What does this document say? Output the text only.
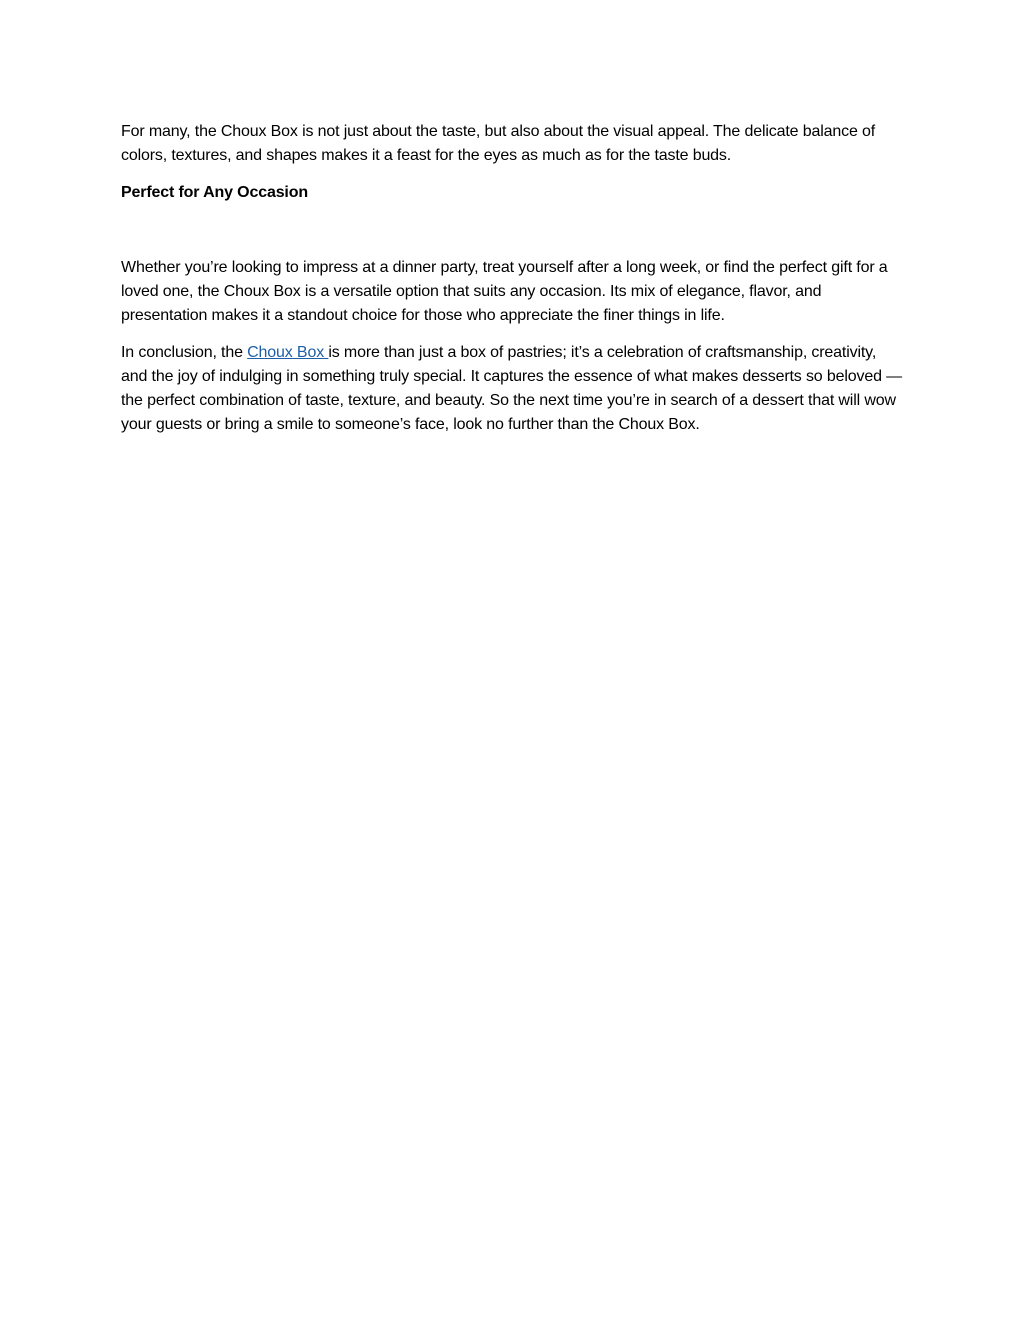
For many, the Choux Box is not just about the taste, but also about the visual appeal. The delicate balance of colors, textures, and shapes makes it a feast for the eyes as much as for the taste buds.

Perfect for Any Occasion

Whether you’re looking to impress at a dinner party, treat yourself after a long week, or find the perfect gift for a loved one, the Choux Box is a versatile option that suits any occasion. Its mix of elegance, flavor, and presentation makes it a standout choice for those who appreciate the finer things in life.

In conclusion, the Choux Box is more than just a box of pastries; it’s a celebration of craftsmanship, creativity, and the joy of indulging in something truly special. It captures the essence of what makes desserts so beloved — the perfect combination of taste, texture, and beauty. So the next time you’re in search of a dessert that will wow your guests or bring a smile to someone’s face, look no further than the Choux Box.
